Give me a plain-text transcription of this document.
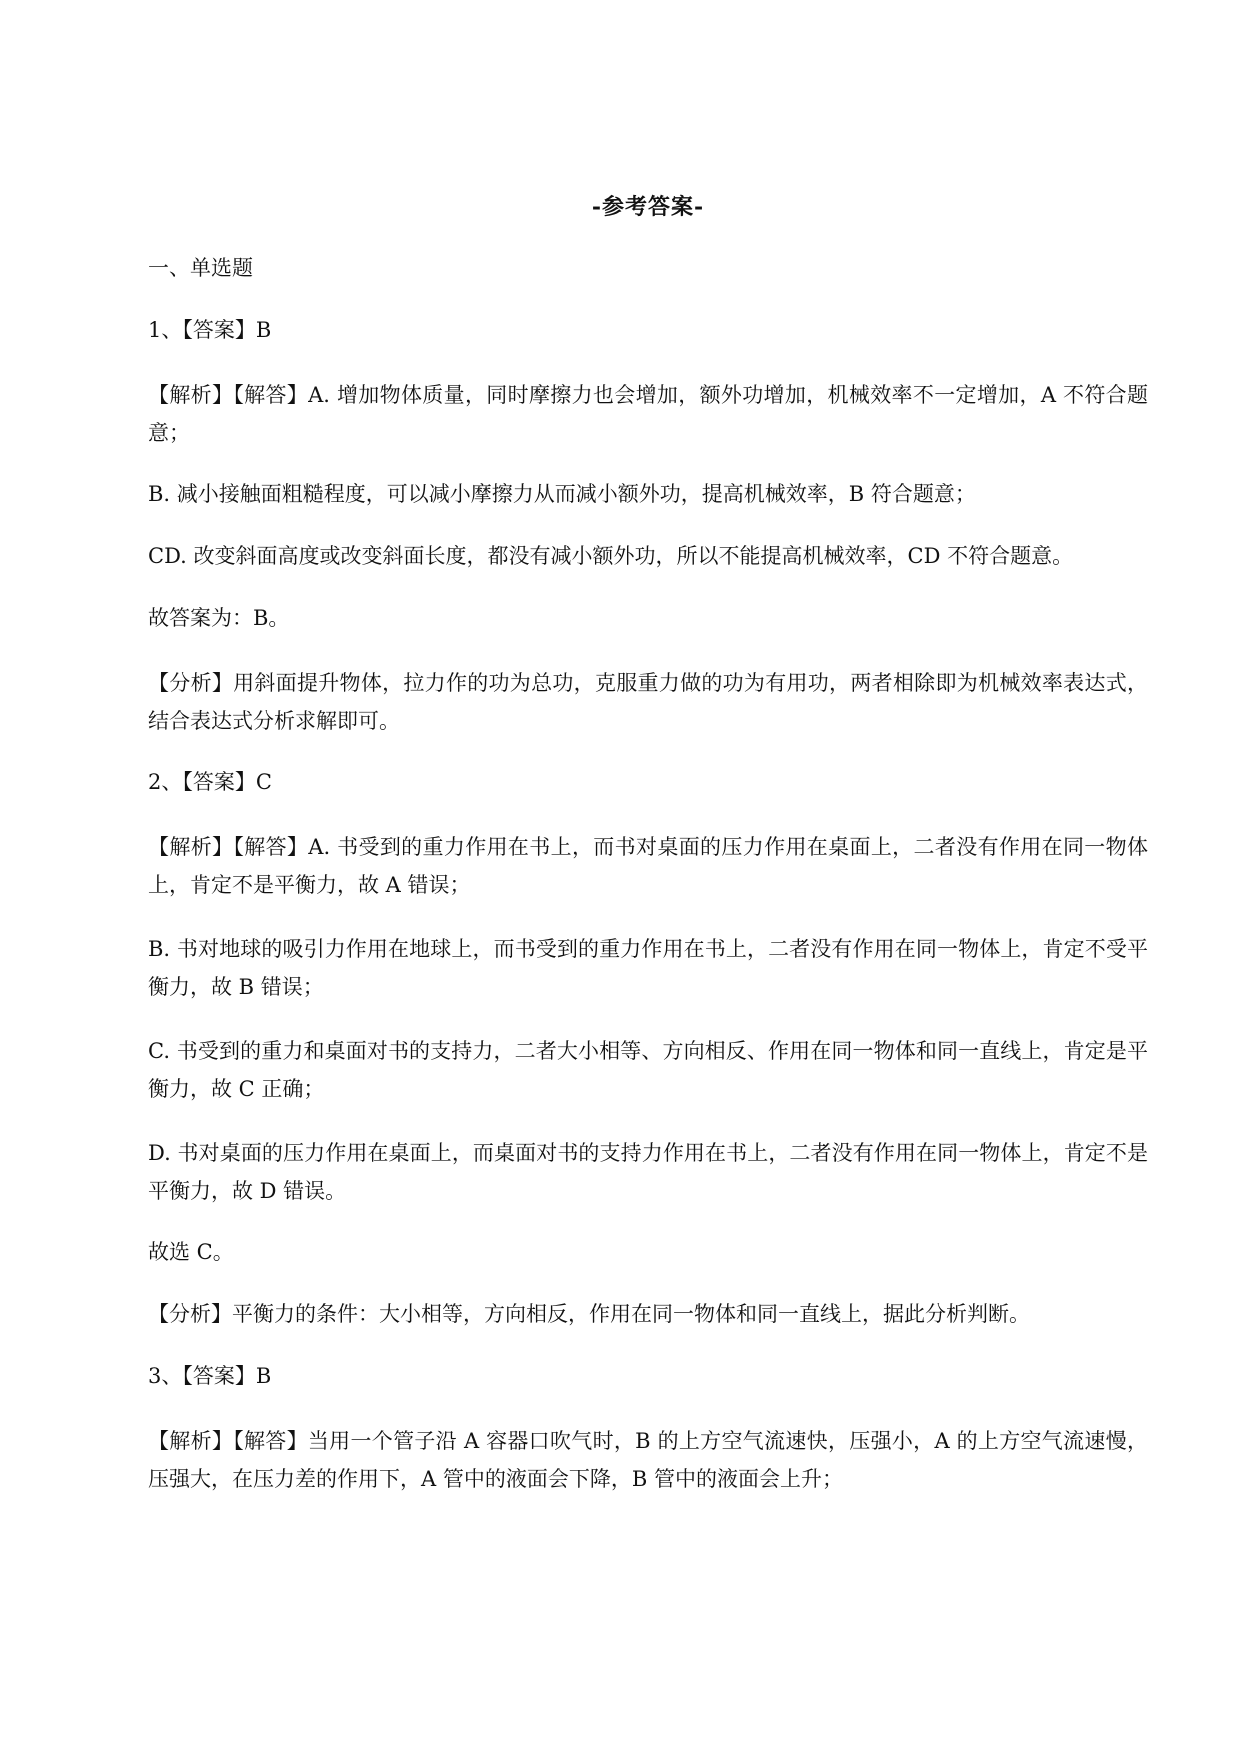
-参考答案-
一、单选题
1、【答案】B
【解析】【解答】A. 增加物体质量，同时摩擦力也会增加，额外功增加，机械效率不一定增加，A 不符合题意；
B. 减小接触面粗糙程度，可以减小摩擦力从而减小额外功，提高机械效率，B 符合题意；
CD. 改变斜面高度或改变斜面长度，都没有减小额外功，所以不能提高机械效率，CD 不符合题意。
故答案为：B。
【分析】用斜面提升物体，拉力作的功为总功，克服重力做的功为有用功，两者相除即为机械效率表达式，结合表达式分析求解即可。
2、【答案】C
【解析】【解答】A. 书受到的重力作用在书上，而书对桌面的压力作用在桌面上，二者没有作用在同一物体上，肯定不是平衡力，故 A 错误；
B. 书对地球的吸引力作用在地球上，而书受到的重力作用在书上，二者没有作用在同一物体上，肯定不受平衡力，故 B 错误；
C. 书受到的重力和桌面对书的支持力，二者大小相等、方向相反、作用在同一物体和同一直线上，肯定是平衡力，故 C 正确；
D. 书对桌面的压力作用在桌面上，而桌面对书的支持力作用在书上，二者没有作用在同一物体上，肯定不是平衡力，故 D 错误。
故选 C。
【分析】平衡力的条件：大小相等，方向相反，作用在同一物体和同一直线上，据此分析判断。
3、【答案】B
【解析】【解答】当用一个管子沿 A 容器口吹气时，B 的上方空气流速快，压强小，A 的上方空气流速慢，压强大，在压力差的作用下，A 管中的液面会下降，B 管中的液面会上升；
